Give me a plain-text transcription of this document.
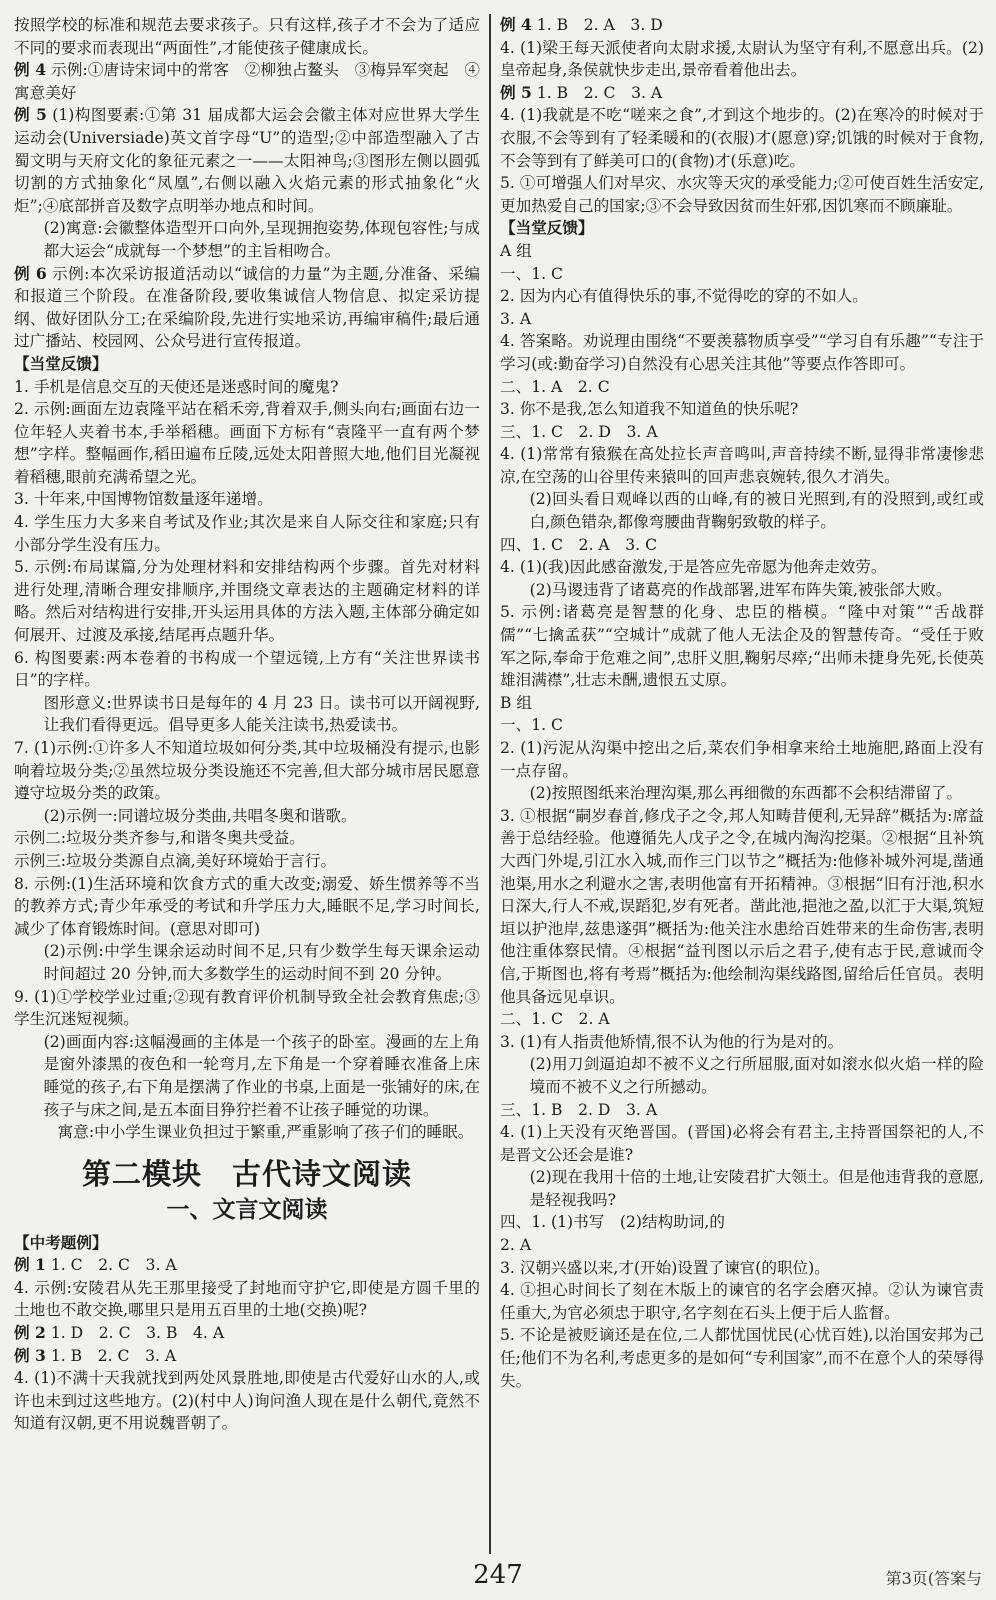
按照学校的标准和规范去要求孩子。只有这样,孩子才不会为了适应不同的要求而表现出“两面性”,才能使孩子健康成长。

例 4 示例:①唐诗宋词中的常客　②柳独占鳌头　③梅异军突起　④寓意美好

例 5 (1)构图要素:①第 31 届成都大运会会徽主体对应世界大学生运动会(Universiade)英文首字母“U”的造型;②中部造型融入了古蜀文明与天府文化的象征元素之一——太阳神鸟;③图形左侧以圆弧切割的方式抽象化“凤凰”,右侧以融入火焰元素的形式抽象化“火炬”;④底部拼音及数字点明举办地点和时间。

(2)寓意:会徽整体造型开口向外,呈现拥抱姿势,体现包容性;与成都大运会“成就每一个梦想”的主旨相吻合。

例 6 示例:本次采访报道活动以“诚信的力量”为主题,分准备、采编和报道三个阶段。在准备阶段,要收集诚信人物信息、拟定采访提纲、做好团队分工;在采编阶段,先进行实地采访,再编审稿件;最后通过广播站、校园网、公众号进行宣传报道。

【当堂反馈】

1. 手机是信息交互的天使还是迷惑时间的魔鬼?

2. 示例:画面左边袁隆平站在稻禾旁,背着双手,侧头向右;画面右边一位年轻人夹着书本,手举稻穗。画面下方标有“袁隆平一直有两个梦想”字样。整幅画作,稻田遍布丘陵,远处太阳普照大地,他们目光凝视着稻穗,眼前充满希望之光。

3. 十年来,中国博物馆数量逐年递增。

4. 学生压力大多来自考试及作业;其次是来自人际交往和家庭;只有小部分学生没有压力。

5. 示例:布局谋篇,分为处理材料和安排结构两个步骤。首先对材料进行处理,清晰合理安排顺序,并围绕文章表达的主题确定材料的详略。然后对结构进行安排,开头运用具体的方法入题,主体部分确定如何展开、过渡及承接,结尾再点题升华。

6. 构图要素:两本卷着的书构成一个望远镜,上方有“关注世界读书日”的字样。

图形意义:世界读书日是每年的 4 月 23 日。读书可以开阔视野,让我们看得更远。倡导更多人能关注读书,热爱读书。

7. (1)示例:①许多人不知道垃圾如何分类,其中垃圾桶没有提示,也影响着垃圾分类;②虽然垃圾分类设施还不完善,但大部分城市居民愿意遵守垃圾分类的政策。

(2)示例一:同谱垃圾分类曲,共唱冬奥和谐歌。

示例二:垃圾分类齐参与,和谐冬奥共受益。

示例三:垃圾分类源自点滴,美好环境始于言行。

8. 示例:(1)生活环境和饮食方式的重大改变;溺爱、娇生惯养等不当的教养方式;青少年承受的考试和升学压力大,睡眠不足,学习时间长,减少了体育锻炼时间。(意思对即可)

(2)示例:中学生课余运动时间不足,只有少数学生每天课余运动时间超过 20 分钟,而大多数学生的运动时间不到 20 分钟。

9. (1)①学校学业过重;②现有教育评价机制导致全社会教育焦虑;③学生沉迷短视频。

(2)画面内容:这幅漫画的主体是一个孩子的卧室。漫画的左上角是窗外漆黑的夜色和一轮弯月,左下角是一个穿着睡衣准备上床睡觉的孩子,右下角是摆满了作业的书桌,上面是一张铺好的床,在孩子与床之间,是五本面目狰狞拦着不让孩子睡觉的功课。

寓意:中小学生课业负担过于繁重,严重影响了孩子们的睡眠。

第二模块　古代诗文阅读
一、文言文阅读

【中考题例】

例 1 1. C　2. C　3. A

4. 示例:安陵君从先王那里接受了封地而守护它,即使是方圆千里的土地也不敢交换,哪里只是用五百里的土地(交换)呢?

例 2 1. D　2. C　3. B　4. A

例 3 1. B　2. C　3. A

4. (1)不满十天我就找到两处风景胜地,即使是古代爱好山水的人,或许也未到过这些地方。(2)(村中人)询问渔人现在是什么朝代,竟然不知道有汉朝,更不用说魏晋朝了。

例 4 1. B　2. A　3. D

4. (1)梁王每天派使者向太尉求援,太尉认为坚守有利,不愿意出兵。(2)皇帝起身,条侯就快步走出,景帝看着他出去。

例 5 1. B　2. C　3. A

4. (1)我就是不吃“嗟来之食”,才到这个地步的。(2)在寒冷的时候对于衣服,不会等到有了轻柔暖和的(衣服)才(愿意)穿;饥饿的时候对于食物,不会等到有了鲜美可口的(食物)才(乐意)吃。

5. ①可增强人们对旱灾、水灾等天灾的承受能力;②可使百姓生活安定,更加热爱自己的国家;③不会导致因贫而生奸邪,因饥寒而不顾廉耻。

【当堂反馈】

A 组

一、1. C

2. 因为内心有值得快乐的事,不觉得吃的穿的不如人。

3. A

4. 答案略。劝说理由围绕“不要羡慕物质享受”“学习自有乐趣”“专注于学习(或:勤奋学习)自然没有心思关注其他”等要点作答即可。

二、1. A　2. C

3. 你不是我,怎么知道我不知道鱼的快乐呢?

三、1. C　2. D　3. A

4. (1)常常有猿猴在高处拉长声音鸣叫,声音持续不断,显得非常凄惨悲凉,在空荡的山谷里传来猿叫的回声悲哀婉转,很久才消失。

(2)回头看日观峰以西的山峰,有的被日光照到,有的没照到,或红或白,颜色错杂,都像弯腰曲背鞠躬致敬的样子。

四、1. C　2. A　3. C

4. (1)(我)因此感奋激发,于是答应先帝愿为他奔走效劳。

(2)马谡违背了诸葛亮的作战部署,进军布阵失策,被张郃大败。

5. 示例:诸葛亮是智慧的化身、忠臣的楷模。“隆中对策”“舌战群儒”“七擒孟获”“空城计”成就了他人无法企及的智慧传奇。“受任于败军之际,奉命于危难之间”,忠肝义胆,鞠躬尽瘁;“出师未捷身先死,长使英雄泪满襟”,壮志未酬,遗恨五丈原。

B 组

一、1. C

2. (1)污泥从沟渠中挖出之后,菜农们争相拿来给土地施肥,路面上没有一点存留。

(2)按照图纸来治理沟渠,那么再细微的东西都不会积结滞留了。

3. ①根据“嗣岁春首,修戊子之令,邦人知畴昔便利,无异辞”概括为:席益善于总结经验。他遵循先人戊子之令,在城内淘沟挖渠。②根据“且补筑大西门外堤,引江水入城,而作三门以节之”概括为:他修补城外河堤,凿通池渠,用水之利避水之害,表明他富有开拓精神。③根据“旧有汙池,积水日深大,行人不戒,误蹈犯,岁有死者。凿此池,挹池之盈,以汇于大渠,筑短垣以护池岸,兹患遂弭”概括为:他关注水患给百姓带来的生命伤害,表明他注重体察民情。④根据“益刊图以示后之君子,使有志于民,意诚而令信,于斯图也,将有考焉”概括为:他绘制沟渠线路图,留给后任官员。表明他具备远见卓识。

二、1. C　2. A

3. (1)有人指责他矫情,很不认为他的行为是对的。

(2)用刀剑逼迫却不被不义之行所屈服,面对如滚水似火焰一样的险境而不被不义之行所撼动。

三、1. B　2. D　3. A

4. (1)上天没有灭绝晋国。(晋国)必将会有君主,主持晋国祭祀的人,不是晋文公还会是谁?

(2)现在我用十倍的土地,让安陵君扩大领土。但是他违背我的意愿,是轻视我吗?

四、1. (1)书写　(2)结构助词,的

2. A

3. 汉朝兴盛以来,才(开始)设置了谏官(的职位)。

4. ①担心时间长了刻在木版上的谏官的名字会磨灭掉。②认为谏官责任重大,为官必须忠于职守,名字刻在石头上便于后人监督。

5. 不论是被贬谪还是在位,二人都忧国忧民(心忧百姓),以治国安邦为己任;他们不为名利,考虑更多的是如何“专利国家”,而不在意个人的荣辱得失。

247	第3页(答案与
